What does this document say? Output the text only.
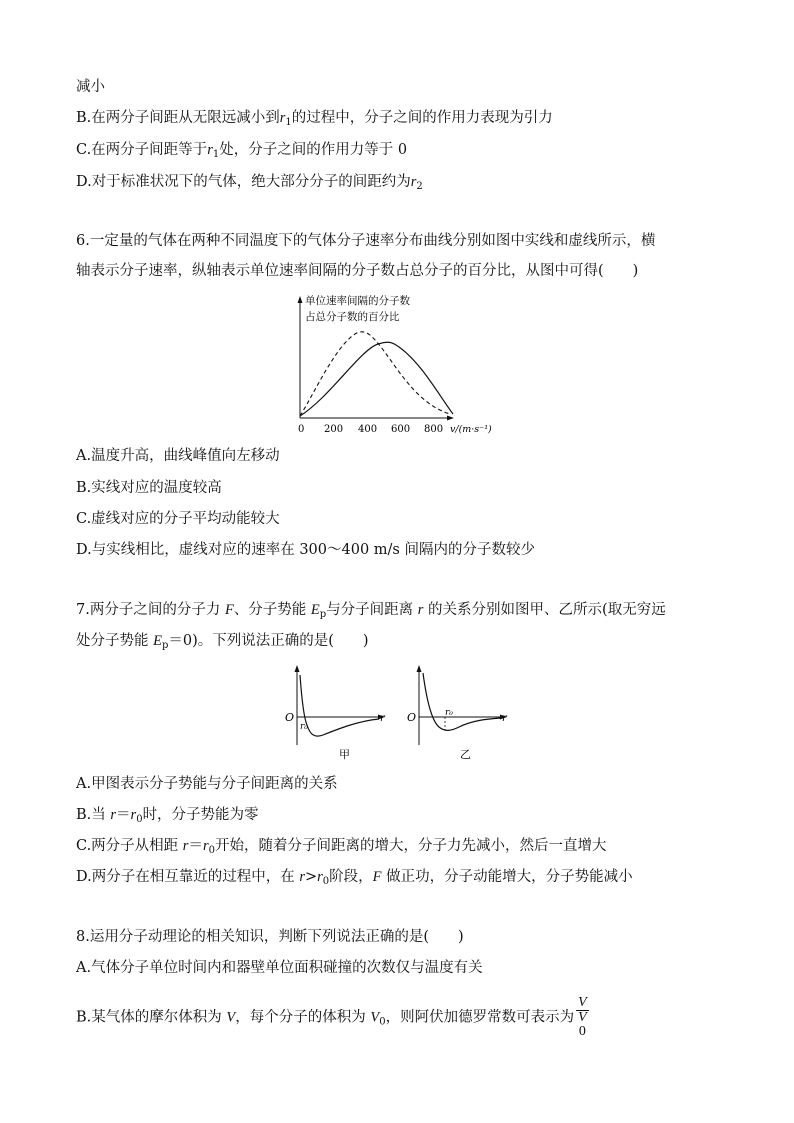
减小
B.在两分子间距从无限远减小到$r_1$的过程中，分子之间的作用力表现为引力
C.在两分子间距等于$r_1$处，分子之间的作用力等于 0
D.对于标准状况下的气体，绝大部分分子的间距约为$r_2$
6.一定量的气体在两种不同温度下的气体分子速率分布曲线分别如图中实线和虚线所示，横
轴表示分子速率，纵轴表示单位速率间隔的分子数占总分子的百分比，从图中可得(　　)
单位速率间隔的分子数
占总分子数的百分比
0 200 400 600 800 v/(m·s⁻¹)
A.温度升高，曲线峰值向左移动
B.实线对应的温度较高
C.虚线对应的分子平均动能较大
D.与实线相比，虚线对应的速率在 300～400 m/s 间隔内的分子数较少
7.两分子之间的分子力 F、分子势能 $E_p$与分子间距离 r 的关系分别如图甲、乙所示(取无穷远
处分子势能 $E_p=0$)。下列说法正确的是(　　)
O
r₀
r
甲
O	r₀	r
乙
A.甲图表示分子势能与分子间距离的关系
B.当 $r=r_0$时，分子势能为零
C.两分子从相距 $r=r_0$开始，随着分子间距离的增大，分子力先减小，然后一直增大
D.两分子在相互靠近的过程中，在 $r>r_0$阶段，F 做正功，分子动能增大，分子势能减小
8.运用分子动理论的相关知识，判断下列说法正确的是(　　)
A.气体分子单位时间内和器壁单位面积碰撞的次数仅与温度有关
B.某气体的摩尔体积为 V，每个分子的体积为 $V_0$，则阿伏加德罗常数可表示为 V
V
0
